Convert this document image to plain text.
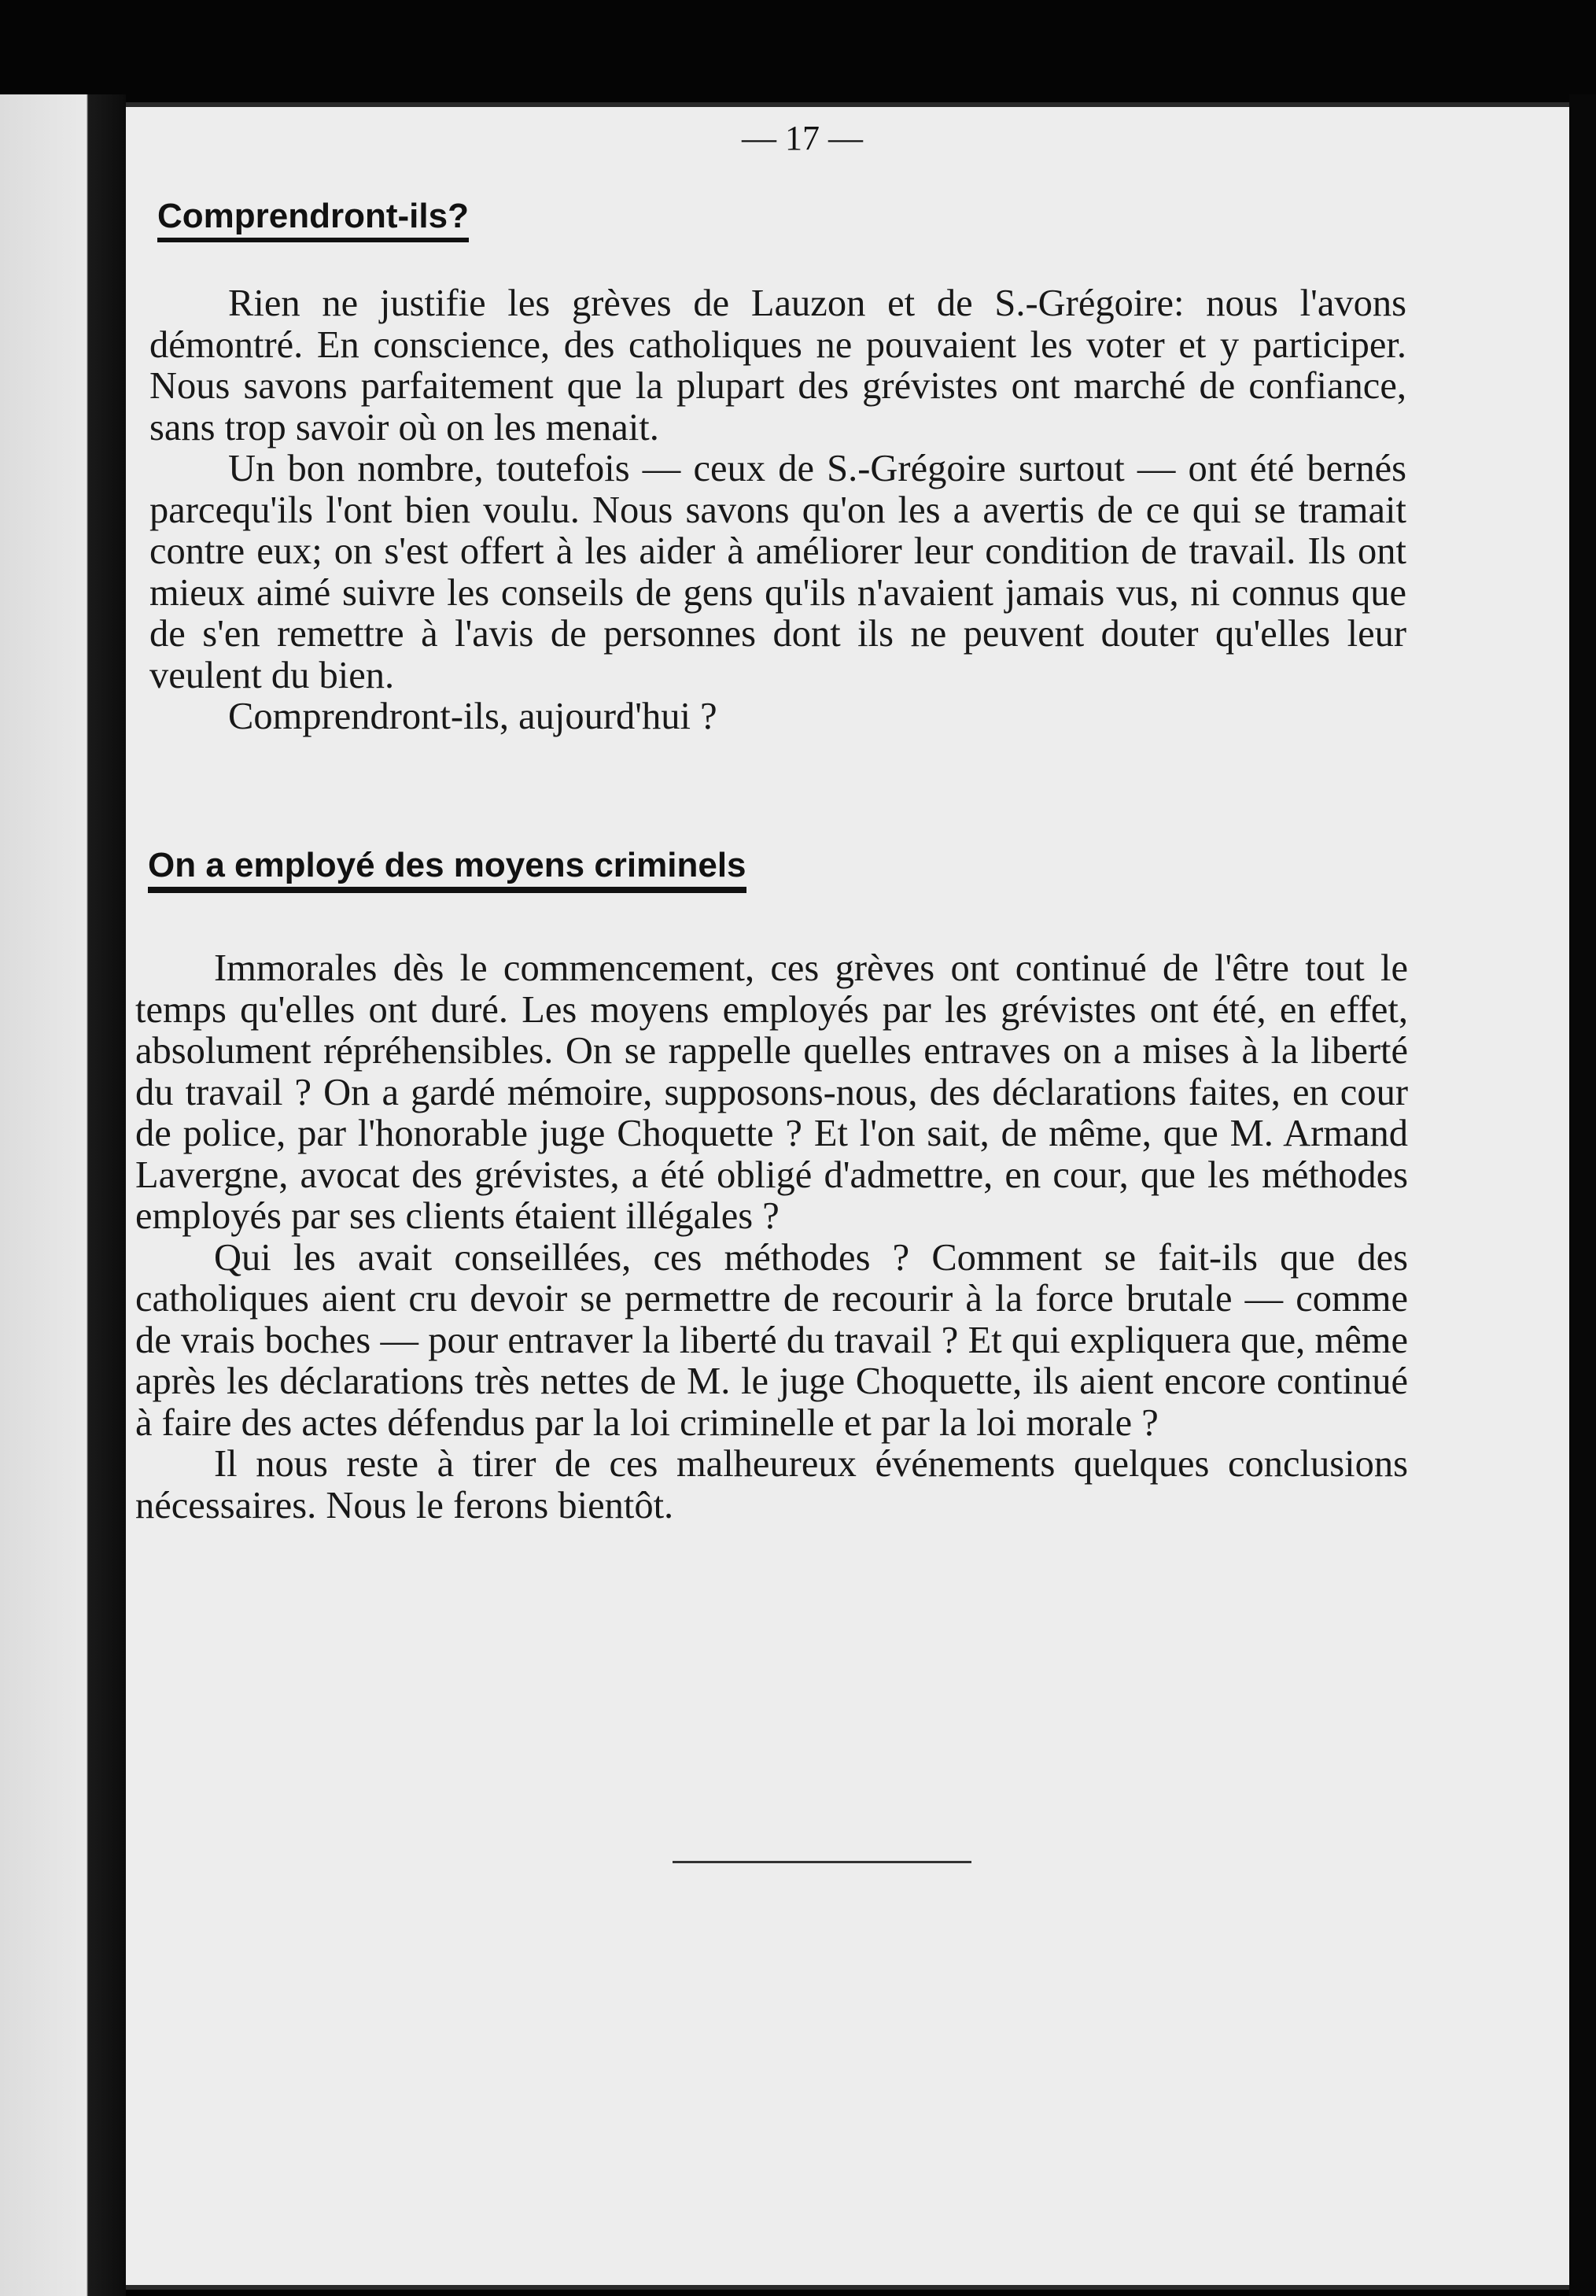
— 17 —
Comprendront-ils?

Rien ne justifie les grèves de Lauzon et de S.-Grégoire: nous l'avons démontré. En conscience, des catholiques ne pouvaient les voter et y participer. Nous savons parfaitement que la plupart des grévistes ont marché de confiance, sans trop savoir où on les menait.

Un bon nombre, toutefois — ceux de S.-Grégoire surtout — ont été bernés parcequ'ils l'ont bien voulu. Nous savons qu'on les a avertis de ce qui se tramait contre eux; on s'est offert à les aider à améliorer leur condition de travail. Ils ont mieux aimé suivre les conseils de gens qu'ils n'avaient jamais vus, ni connus que de s'en remettre à l'avis de personnes dont ils ne peuvent douter qu'elles leur veulent du bien.

Comprendront-ils, aujourd'hui ?

On a employé des moyens criminels

Immorales dès le commencement, ces grèves ont continué de l'être tout le temps qu'elles ont duré. Les moyens employés par les grévistes ont été, en effet, absolument répréhensibles. On se rappelle quelles entraves on a mises à la liberté du travail ? On a gardé mémoire, supposons-nous, des déclarations faites, en cour de police, par l'honorable juge Choquette ? Et l'on sait, de même, que M. Armand Lavergne, avocat des grévistes, a été obligé d'admettre, en cour, que les méthodes employés par ses clients étaient illégales ?

Qui les avait conseillées, ces méthodes ? Comment se fait-ils que des catholiques aient cru devoir se permettre de recourir à la force brutale — comme de vrais boches — pour entraver la liberté du travail ? Et qui expliquera que, même après les déclarations très nettes de M. le juge Choquette, ils aient encore continué à faire des actes défendus par la loi criminelle et par la loi morale ?

Il nous reste à tirer de ces malheureux événements quelques conclusions nécessaires. Nous le ferons bientôt.
